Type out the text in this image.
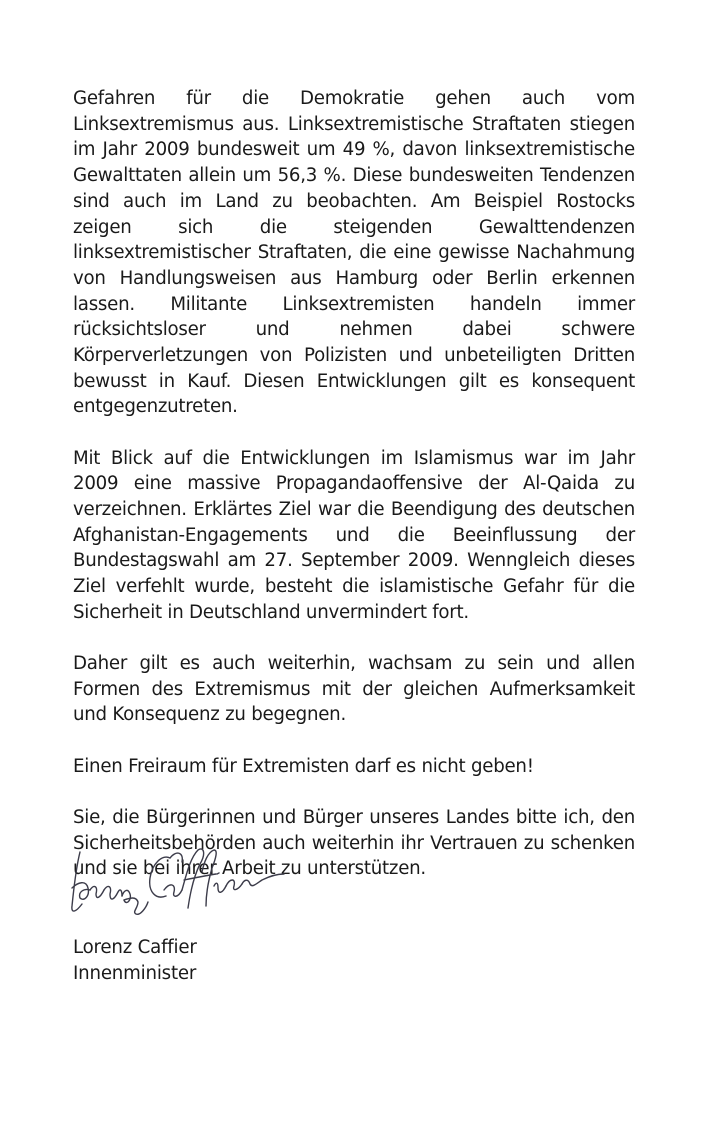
Gefahren für die Demokratie gehen auch vom Linksextremismus aus. Linksextremistische Straftaten stiegen im Jahr 2009 bundesweit um 49 %, davon linksextremistische Gewalttaten allein um 56,3 %. Diese bundesweiten Tendenzen sind auch im Land zu beobachten. Am Beispiel Rostocks zeigen sich die steigenden Gewalttendenzen linksextremistischer Straftaten, die eine gewisse Nachahmung von Handlungsweisen aus Hamburg oder Berlin erkennen lassen. Militante Linksextremisten handeln immer rücksichtsloser und nehmen dabei schwere Körperverletzungen von Polizisten und unbeteiligten Dritten bewusst in Kauf. Diesen Entwicklungen gilt es konsequent entgegenzutreten.

Mit Blick auf die Entwicklungen im Islamismus war im Jahr 2009 eine massive Propagandaoffensive der Al-Qaida zu verzeichnen. Erklärtes Ziel war die Beendigung des deutschen Afghanistan-Engagements und die Beeinflussung der Bundestagswahl am 27. September 2009. Wenngleich dieses Ziel verfehlt wurde, besteht die islamistische Gefahr für die Sicherheit in Deutschland unvermindert fort.

Daher gilt es auch weiterhin, wachsam zu sein und allen Formen des Extremismus mit der gleichen Aufmerksamkeit und Konsequenz zu begegnen.

Einen Freiraum für Extremisten darf es nicht geben!

Sie, die Bürgerinnen und Bürger unseres Landes bitte ich, den Sicherheitsbehörden auch weiterhin ihr Vertrauen zu schenken und sie bei ihrer Arbeit zu unterstützen.

Lorenz Caffier
Innenminister
